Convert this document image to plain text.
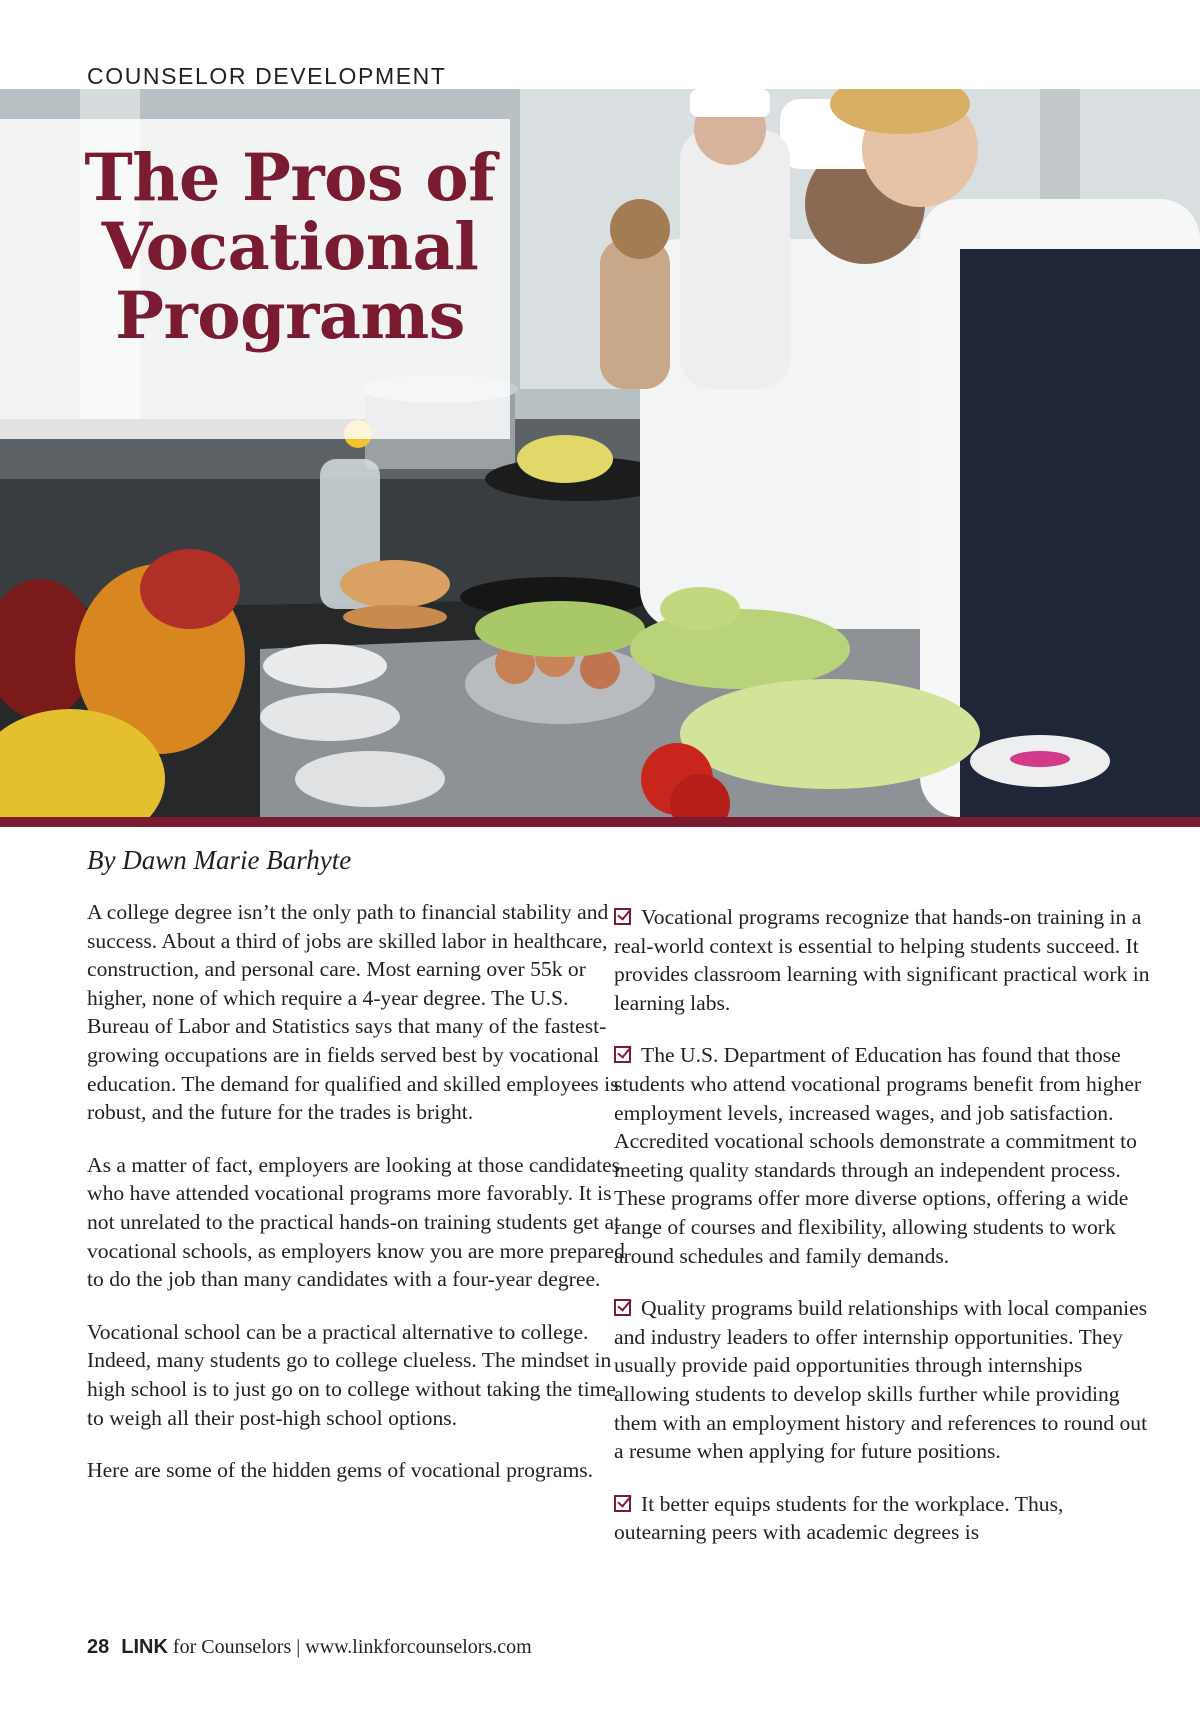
COUNSELOR DEVELOPMENT
The Pros of
Vocational
Programs
By Dawn Marie Barhyte

A college degree isn’t the only path to financial stability and success. About a third of jobs are skilled labor in healthcare, construction, and personal care. Most earning over 55k or higher, none of which require a 4-year degree. The U.S. Bureau of Labor and Statistics says that many of the fastest-growing occupations are in fields served best by vocational education. The demand for qualified and skilled employees is robust, and the future for the trades is bright.

As a matter of fact, employers are looking at those candidates who have attended vocational programs more favorably. It is not unrelated to the practical hands-on training students get at vocational schools, as employers know you are more prepared to do the job than many candidates with a four-year degree.

Vocational school can be a practical alternative to college. Indeed, many students go to college clueless. The mindset in high school is to just go on to college without taking the time to weigh all their post-high school options.

Here are some of the hidden gems of vocational programs.

Vocational programs recognize that hands-on training in a real-world context is essential to helping students succeed. It provides classroom learning with significant practical work in learning labs.

The U.S. Department of Education has found that those students who attend vocational programs benefit from higher employment levels, increased wages, and job satisfaction. Accredited vocational schools demonstrate a commitment to meeting quality standards through an independent process. These programs offer more diverse options, offering a wide range of courses and flexibility, allowing students to work around schedules and family demands.

Quality programs build relationships with local companies and industry leaders to offer internship opportunities. They usually provide paid opportunities through internships allowing students to develop skills further while providing them with an employment history and references to round out a resume when applying for future positions.

It better equips students for the workplace. Thus, outearning peers with academic degrees is

28 LINK for Counselors | www.linkforcounselors.com
